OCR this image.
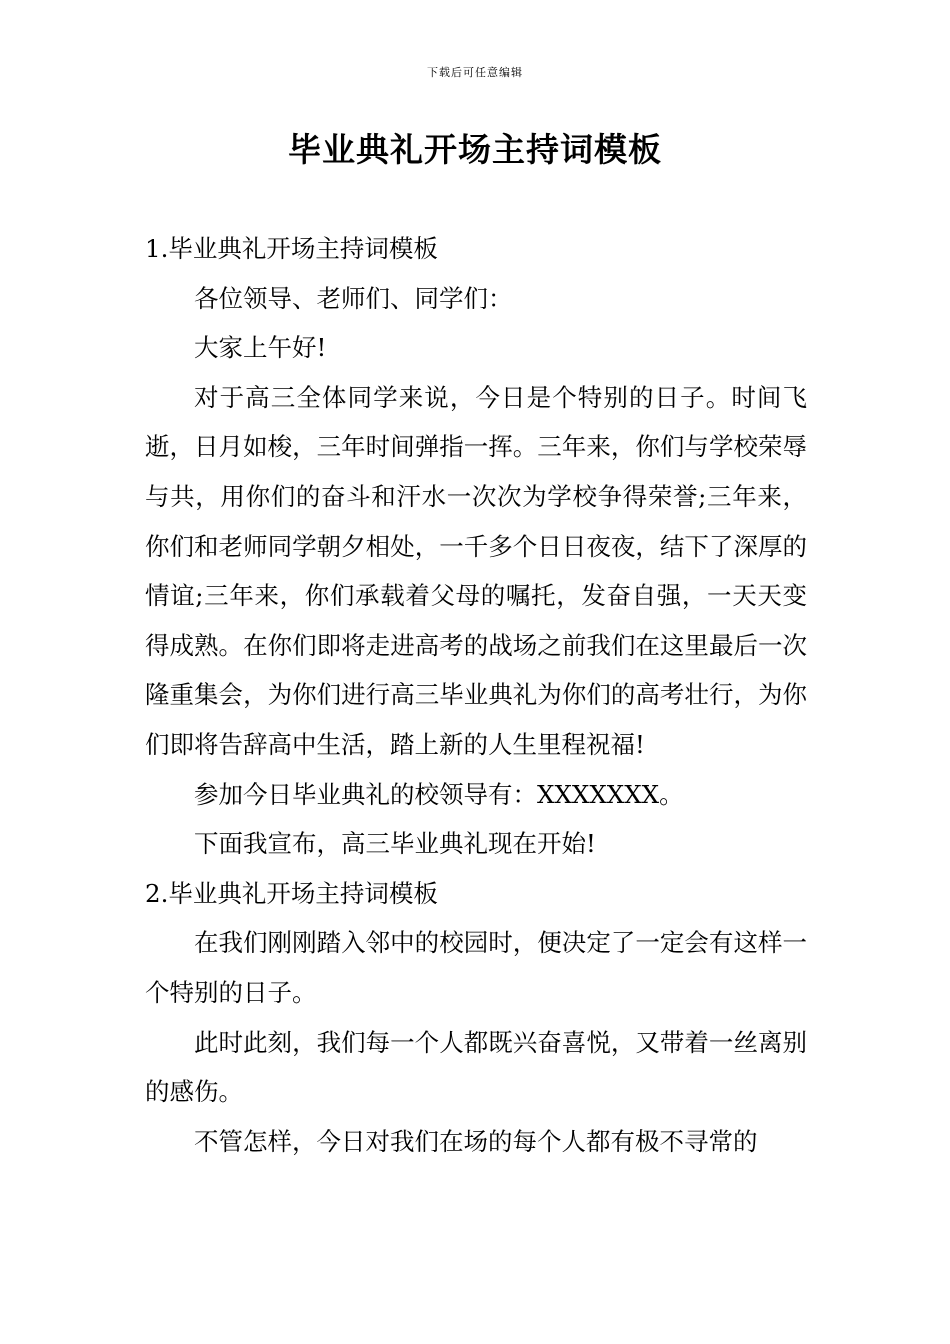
下载后可任意编辑
毕业典礼开场主持词模板

1.毕业典礼开场主持词模板

各位领导、老师们、同学们：

大家上午好!

对于高三全体同学来说，今日是个特别的日子。时间飞逝，日月如梭，三年时间弹指一挥。三年来，你们与学校荣辱与共，用你们的奋斗和汗水一次次为学校争得荣誉;三年来，你们和老师同学朝夕相处，一千多个日日夜夜，结下了深厚的情谊;三年来，你们承载着父母的嘱托，发奋自强，一天天变得成熟。在你们即将走进高考的战场之前我们在这里最后一次隆重集会，为你们进行高三毕业典礼为你们的高考壮行，为你们即将告辞高中生活，踏上新的人生里程祝福!

参加今日毕业典礼的校领导有：XXXXXXX。

下面我宣布，高三毕业典礼现在开始!

2.毕业典礼开场主持词模板

在我们刚刚踏入邻中的校园时，便决定了一定会有这样一个特别的日子。

此时此刻，我们每一个人都既兴奋喜悦，又带着一丝离别的感伤。

不管怎样，今日对我们在场的每个人都有极不寻常的
